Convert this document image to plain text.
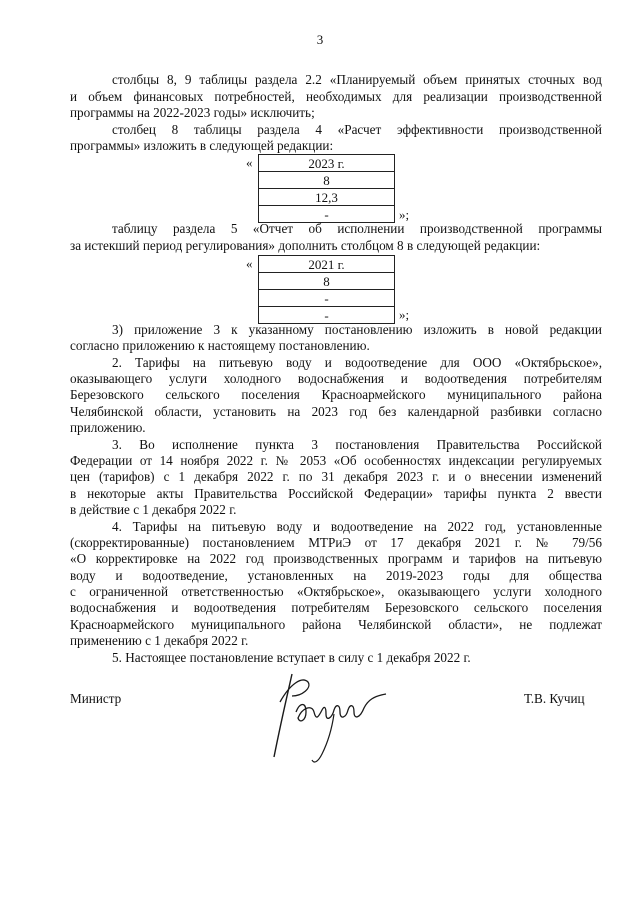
3
столбцы 8, 9 таблицы раздела 2.2 «Планируемый объем принятых сточных вод
и объем финансовых потребностей, необходимых для реализации производственной
программы на 2022-2023 годы» исключить;
столбец 8 таблицы раздела 4 «Расчет эффективности производственной
программы» изложить в следующей редакции:
«	2023 г.
8
12,3
-	»;
таблицу раздела 5 «Отчет об исполнении производственной программы
за истекший период регулирования» дополнить столбцом 8 в следующей редакции:
«	2021 г.
8
-
-	»;
3) приложение 3 к указанному постановлению изложить в новой редакции
согласно приложению к настоящему постановлению.
2. Тарифы на питьевую воду и водоотведение для ООО «Октябрьское»,
оказывающего услуги холодного водоснабжения и водоотведения потребителям
Березовского сельского поселения Красноармейского муниципального района
Челябинской области, установить на 2023 год без календарной разбивки согласно
приложению.
3. Во исполнение пункта 3 постановления Правительства Российской
Федерации от 14 ноября 2022 г. № 2053 «Об особенностях индексации регулируемых
цен (тарифов) с 1 декабря 2022 г. по 31 декабря 2023 г. и о внесении изменений
в некоторые акты Правительства Российской Федерации» тарифы пункта 2 ввести
в действие с 1 декабря 2022 г.
4. Тарифы на питьевую воду и водоотведение на 2022 год, установленные
(скорректированные) постановлением МТРиЭ от 17 декабря 2021 г. № 79/56
«О корректировке на 2022 год производственных программ и тарифов на питьевую
воду и водоотведение, установленных на 2019-2023 годы для общества
с ограниченной ответственностью «Октябрьское», оказывающего услуги холодного
водоснабжения и водоотведения потребителям Березовского сельского поселения
Красноармейского муниципального района Челябинской области», не подлежат
применению с 1 декабря 2022 г.
5. Настоящее постановление вступает в силу с 1 декабря 2022 г.
Министр	Т.В. Кучиц
